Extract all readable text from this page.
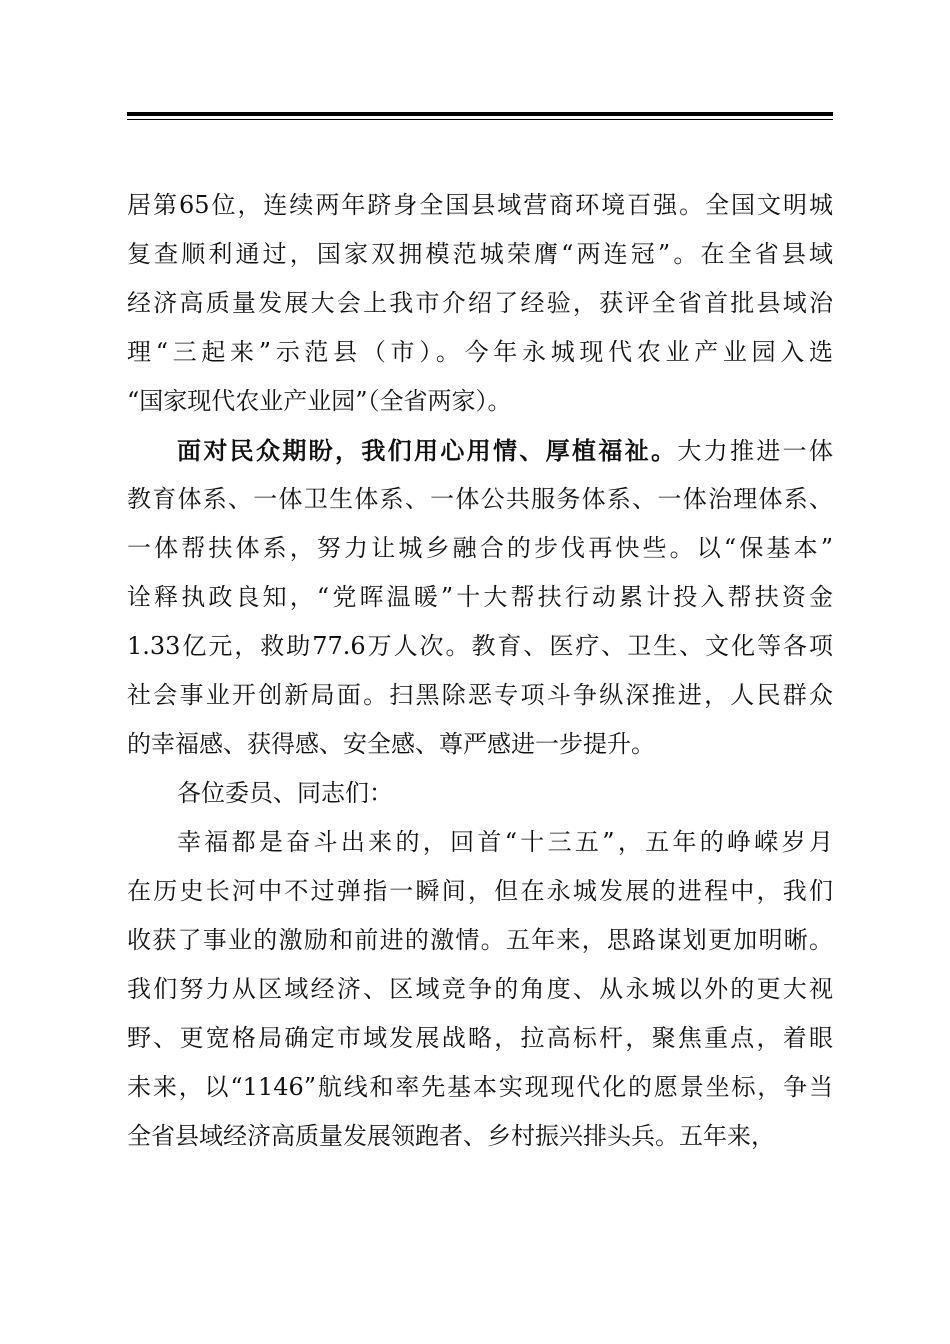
居第65位，连续两年跻身全国县域营商环境百强。全国文明城
复查顺利通过，国家双拥模范城荣膺“两连冠”。在全省县域
经济高质量发展大会上我市介绍了经验，获评全省首批县域治
理“三起来”示范县（市）。今年永城现代农业产业园入选
“国家现代农业产业园”（全省两家）。
面对民众期盼，我们用心用情、厚植福祉。大力推进一体
教育体系、一体卫生体系、一体公共服务体系、一体治理体系、
一体帮扶体系，努力让城乡融合的步伐再快些。以“保基本”
诠释执政良知，“党晖温暖”十大帮扶行动累计投入帮扶资金
1.33亿元，救助77.6万人次。教育、医疗、卫生、文化等各项
社会事业开创新局面。扫黑除恶专项斗争纵深推进，人民群众
的幸福感、获得感、安全感、尊严感进一步提升。
各位委员、同志们：
幸福都是奋斗出来的，回首“十三五”，五年的峥嵘岁月
在历史长河中不过弹指一瞬间，但在永城发展的进程中，我们
收获了事业的激励和前进的激情。五年来，思路谋划更加明晰。
我们努力从区域经济、区域竞争的角度、从永城以外的更大视
野、更宽格局确定市域发展战略，拉高标杆，聚焦重点，着眼
未来，以“1146”航线和率先基本实现现代化的愿景坐标，争当
全省县域经济高质量发展领跑者、乡村振兴排头兵。五年来，
